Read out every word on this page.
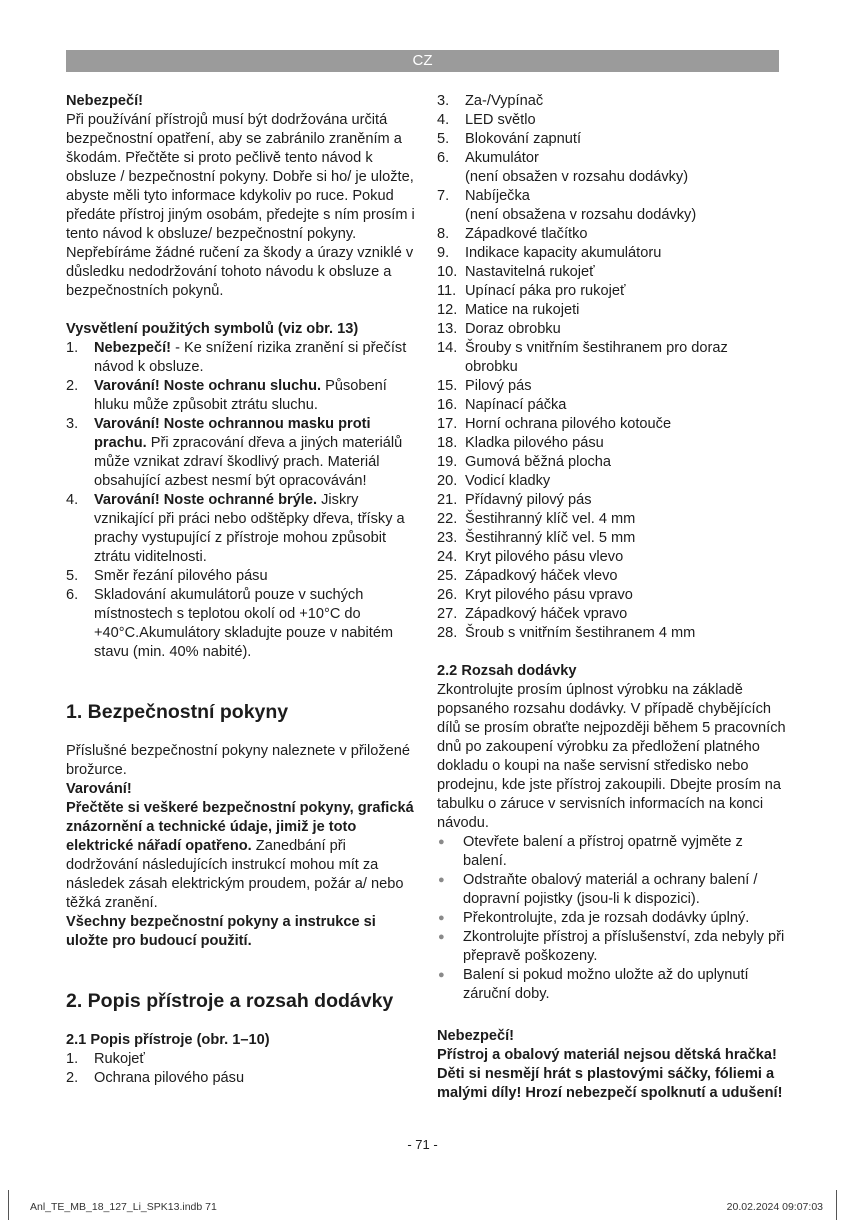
CZ

Nebezpečí!

Při používání přístrojů musí být dodržována určitá bezpečnostní opatření, aby se zabránilo zraněním a škodám. Přečtěte si proto pečlivě tento návod k obsluze / bezpečnostní pokyny. Dobře si ho/ je uložte, abyste měli tyto informace kdykoliv po ruce. Pokud předáte přístroj jiným osobám, předejte s ním prosím i tento návod k obsluze/ bezpečnostní pokyny. Nepřebíráme žádné ručení za škody a úrazy vzniklé v důsledku nedodržování tohoto návodu k obsluze a bezpečnostních pokynů.

Vysvětlení použitých symbolů (viz obr. 13)

1.	Nebezpečí! - Ke snížení rizika zranění si přečíst návod k obsluze.
2.	Varování! Noste ochranu sluchu. Působení hluku může způsobit ztrátu sluchu.
3.	Varování! Noste ochrannou masku proti prachu. Při zpracování dřeva a jiných materiálů může vznikat zdraví škodlivý prach. Materiál obsahující azbest nesmí být opracováván!
4.	Varování! Noste ochranné brýle. Jiskry vznikající při práci nebo odštěpky dřeva, třísky a prachy vystupující z přístroje mohou způsobit ztrátu viditelnosti.
5.	Směr řezání pilového pásu
6.	Skladování akumulátorů pouze v suchých místnostech s teplotou okolí od +10°C do +40°C.Akumulátory skladujte pouze v nabitém stavu (min. 40% nabité).

1. Bezpečnostní pokyny

Příslušné bezpečnostní pokyny naleznete v přiložené brožurce.

Varování!

Přečtěte si veškeré bezpečnostní pokyny, grafická znázornění a technické údaje, jimiž je toto elektrické nářadí opatřeno. Zanedbání při dodržování následujících instrukcí mohou mít za následek zásah elektrickým proudem, požár a/ nebo těžká zranění.

Všechny bezpečnostní pokyny a instrukce si uložte pro budoucí použití.

2. Popis přístroje a rozsah dodávky

2.1 Popis přístroje (obr. 1–10)

1.	Rukojeť
2.	Ochrana pilového pásu
3.	Za-/Vypínač
4.	LED světlo
5.	Blokování zapnutí
6.	Akumulátor
(není obsažen v rozsahu dodávky)
7.	Nabíječka
(není obsažena v rozsahu dodávky)
8.	Západkové tlačítko
9.	Indikace kapacity akumulátoru
10. Nastavitelná rukojeť
11. Upínací páka pro rukojeť
12. Matice na rukojeti
13. Doraz obrobku
14. Šrouby s vnitřním šestihranem pro doraz
obrobku
15. Pilový pás
16. Napínací páčka
17. Horní ochrana pilového kotouče
18. Kladka pilového pásu
19. Gumová běžná plocha
20. Vodicí kladky
21. Přídavný pilový pás
22. Šestihranný klíč vel. 4 mm
23. Šestihranný klíč vel. 5 mm
24. Kryt pilového pásu vlevo
25. Západkový háček vlevo
26. Kryt pilového pásu vpravo
27. Západkový háček vpravo
28. Šroub s vnitřním šestihranem 4 mm

2.2 Rozsah dodávky

Zkontrolujte prosím úplnost výrobku na základě popsaného rozsahu dodávky. V případě chybějících dílů se prosím obraťte nejpozději během 5 pracovních dnů po zakoupení výrobku za předložení platného dokladu o koupi na naše servisní středisko nebo prodejnu, kde jste přístroj zakoupili. Dbejte prosím na tabulku o záruce v servisních informacích na konci návodu.

●	Otevřete balení a přístroj opatrně vyjměte z balení.
●	Odstraňte obalový materiál a ochrany balení / dopravní pojistky (jsou-li k dispozici).
●	Překontrolujte, zda je rozsah dodávky úplný.
●	Zkontrolujte přístroj a příslušenství, zda nebyly při přepravě poškozeny.
●	Balení si pokud možno uložte až do uplynutí záruční doby.

Nebezpečí!

Přístroj a obalový materiál nejsou dětská hračka! Děti si nesmějí hrát s plastovými sáčky, fóliemi a malými díly! Hrozí nebezpečí spolknutí a udušení!

- 71 -
Anl_TE_MB_18_127_Li_SPK13.indb 71	20.02.2024 09:07:03
